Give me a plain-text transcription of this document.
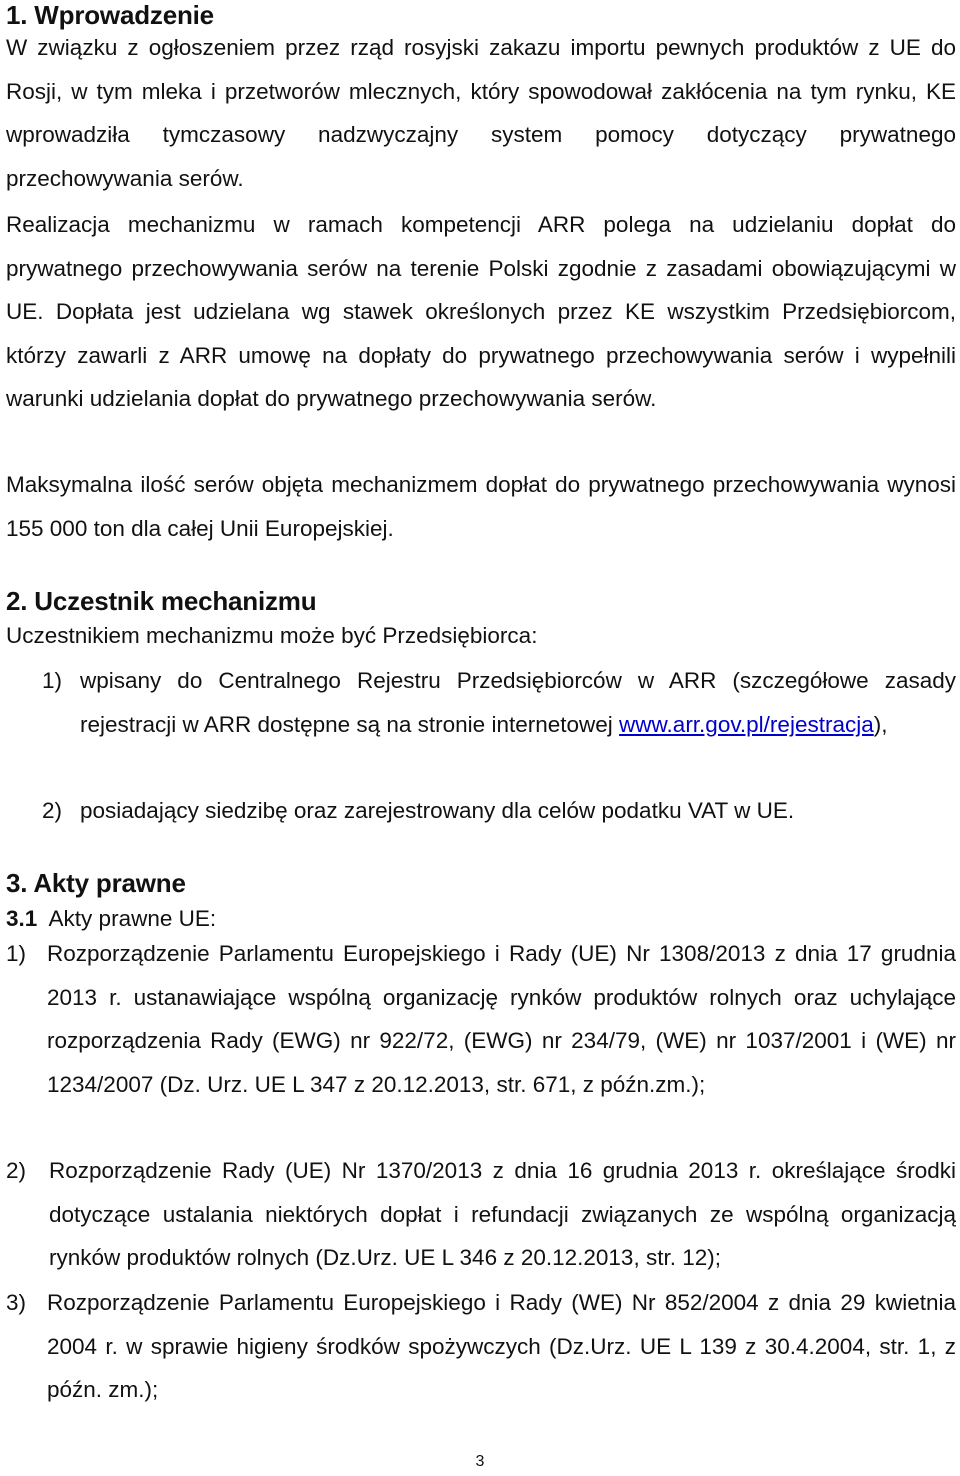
1. Wprowadzenie

W związku z ogłoszeniem przez rząd rosyjski zakazu importu pewnych produktów z UE do Rosji, w tym mleka i przetworów mlecznych, który spowodował zakłócenia na tym rynku, KE wprowadziła tymczasowy nadzwyczajny system pomocy dotyczący prywatnego przechowywania serów.

Realizacja mechanizmu w ramach kompetencji ARR polega na udzielaniu dopłat do prywatnego przechowywania serów na terenie Polski zgodnie z zasadami obowiązującymi w UE. Dopłata jest udzielana wg stawek określonych przez KE wszystkim Przedsiębiorcom, którzy zawarli z ARR umowę na dopłaty do prywatnego przechowywania serów i wypełnili warunki udzielania dopłat do prywatnego przechowywania serów.

Maksymalna ilość serów objęta mechanizmem dopłat do prywatnego przechowywania wynosi 155 000 ton dla całej Unii Europejskiej.

2. Uczestnik mechanizmu

Uczestnikiem mechanizmu może być Przedsiębiorca:

1) wpisany do Centralnego Rejestru Przedsiębiorców w ARR (szczegółowe zasady rejestracji w ARR dostępne są na stronie internetowej www.arr.gov.pl/rejestracja),
2) posiadający siedzibę oraz zarejestrowany dla celów podatku VAT w UE.
3. Akty prawne

3.1 Akty prawne UE:

1) Rozporządzenie Parlamentu Europejskiego i Rady (UE) Nr 1308/2013 z dnia 17 grudnia 2013 r. ustanawiające wspólną organizację rynków produktów rolnych oraz uchylające rozporządzenia Rady (EWG) nr 922/72, (EWG) nr 234/79, (WE) nr 1037/2001 i (WE) nr 1234/2007 (Dz. Urz. UE L 347 z 20.12.2013, str. 671, z późn.zm.);
2) Rozporządzenie Rady (UE) Nr 1370/2013 z dnia 16 grudnia 2013 r. określające środki dotyczące ustalania niektórych dopłat i refundacji związanych ze wspólną organizacją rynków produktów rolnych (Dz.Urz. UE L 346 z 20.12.2013, str. 12);
3) Rozporządzenie Parlamentu Europejskiego i Rady (WE) Nr 852/2004 z dnia 29 kwietnia 2004 r. w sprawie higieny środków spożywczych (Dz.Urz. UE L 139 z 30.4.2004, str. 1, z późn. zm.);
3
